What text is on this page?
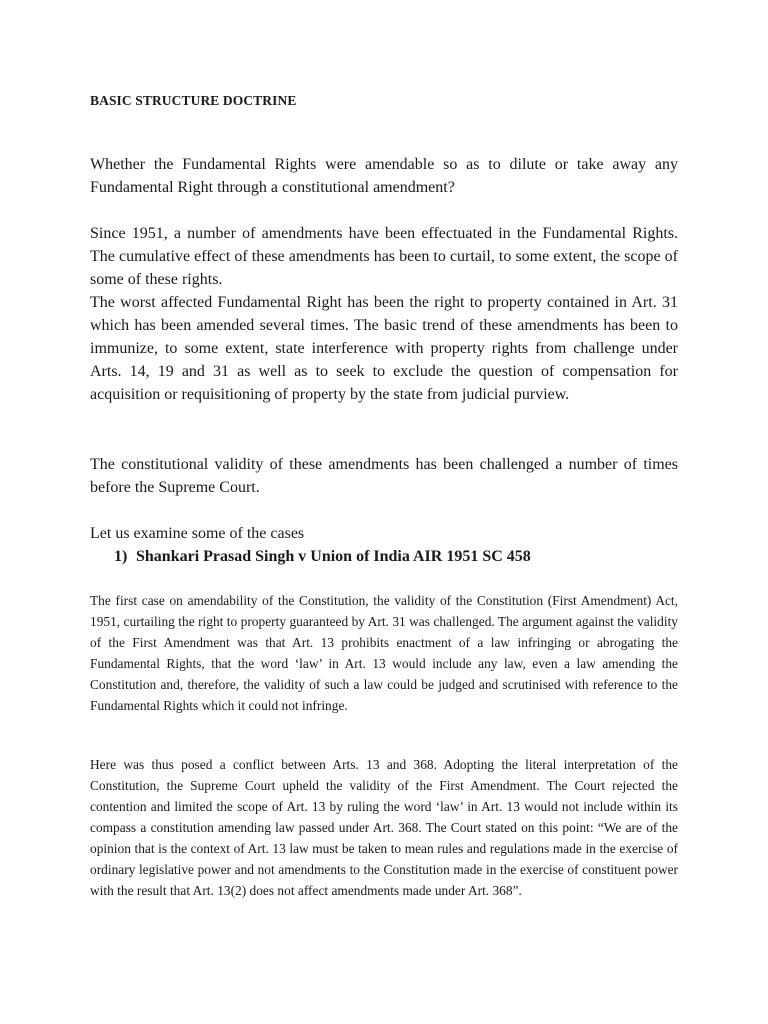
BASIC STRUCTURE DOCTRINE

Whether the Fundamental Rights were amendable so as to dilute or take away any Fundamental Right through a constitutional amendment?

Since 1951, a number of amendments have been effectuated in the Fundamental Rights. The cumulative effect of these amendments has been to curtail, to some extent, the scope of some of these rights.

The worst affected Fundamental Right has been the right to property contained in Art. 31 which has been amended several times. The basic trend of these amendments has been to immunize, to some extent, state interference with property rights from challenge under Arts. 14, 19 and 31 as well as to seek to exclude the question of compensation for acquisition or requisitioning of property by the state from judicial purview.

The constitutional validity of these amendments has been challenged a number of times before the Supreme Court.

Let us examine some of the cases

1) Shankari Prasad Singh v Union of India AIR 1951 SC 458

The first case on amendability of the Constitution, the validity of the Constitution (First Amendment) Act, 1951, curtailing the right to property guaranteed by Art. 31 was challenged. The argument against the validity of the First Amendment was that Art. 13 prohibits enactment of a law infringing or abrogating the Fundamental Rights, that the word ‘law’ in Art. 13 would include any law, even a law amending the Constitution and, therefore, the validity of such a law could be judged and scrutinised with reference to the Fundamental Rights which it could not infringe.

Here was thus posed a conflict between Arts. 13 and 368. Adopting the literal interpretation of the Constitution, the Supreme Court upheld the validity of the First Amendment. The Court rejected the contention and limited the scope of Art. 13 by ruling the word ‘law’ in Art. 13 would not include within its compass a constitution amending law passed under Art. 368. The Court stated on this point: “We are of the opinion that is the context of Art. 13 law must be taken to mean rules and regulations made in the exercise of ordinary legislative power and not amendments to the Constitution made in the exercise of constituent power with the result that Art. 13(2) does not affect amendments made under Art. 368”.
